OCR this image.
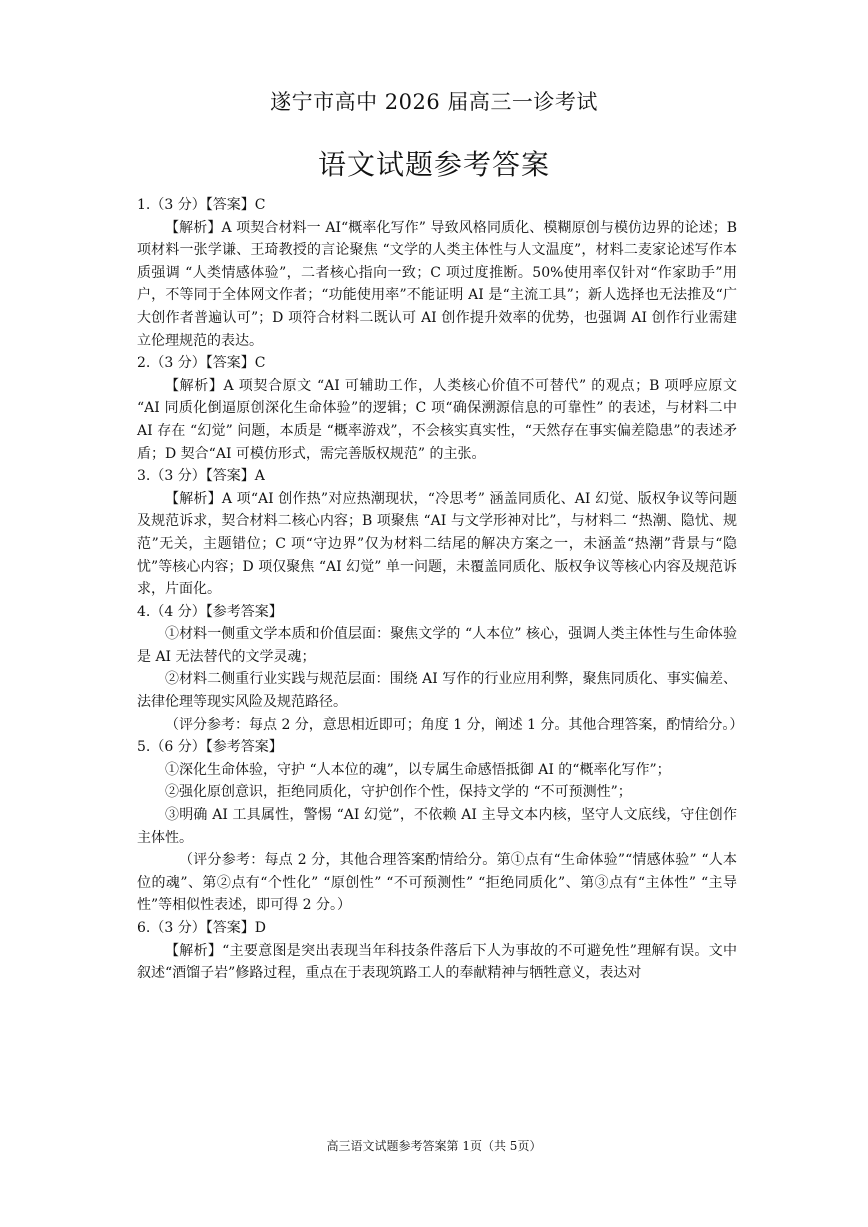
遂宁市高中 2026 届高三一诊考试
语文试题参考答案

1.（3 分）【答案】C

【解析】A 项契合材料一 AI“概率化写作” 导致风格同质化、模糊原创与模仿边界的论述；B 项材料一张学谦、王琦教授的言论聚焦 “文学的人类主体性与人文温度”，材料二麦家论述写作本质强调 “人类情感体验”，二者核心指向一致；C 项过度推断。50%使用率仅针对“作家助手”用户，不等同于全体网文作者；“功能使用率”不能证明 AI 是“主流工具”；新人选择也无法推及“广大创作者普遍认可”；D 项符合材料二既认可 AI 创作提升效率的优势，也强调 AI 创作行业需建立伦理规范的表达。

2.（3 分）【答案】C

【解析】A 项契合原文 “AI 可辅助工作，人类核心价值不可替代” 的观点；B 项呼应原文 “AI 同质化倒逼原创深化生命体验”的逻辑；C 项“确保溯源信息的可靠性” 的表述，与材料二中 AI 存在 “幻觉” 问题，本质是 “概率游戏”，不会核实真实性，“天然存在事实偏差隐患”的表述矛盾；D 契合“AI 可模仿形式，需完善版权规范” 的主张。

3.（3 分）【答案】A

【解析】A 项“AI 创作热”对应热潮现状，“冷思考” 涵盖同质化、AI 幻觉、版权争议等问题及规范诉求，契合材料二核心内容；B 项聚焦 “AI 与文学形神对比”，与材料二 “热潮、隐忧、规范”无关，主题错位；C 项“守边界”仅为材料二结尾的解决方案之一，未涵盖“热潮”背景与“隐忧”等核心内容；D 项仅聚焦 “AI 幻觉” 单一问题，未覆盖同质化、版权争议等核心内容及规范诉求，片面化。

4.（4 分）【参考答案】

①材料一侧重文学本质和价值层面：聚焦文学的 “人本位” 核心，强调人类主体性与生命体验是 AI 无法替代的文学灵魂；

②材料二侧重行业实践与规范层面：围绕 AI 写作的行业应用利弊，聚焦同质化、事实偏差、法律伦理等现实风险及规范路径。

（评分参考：每点 2 分，意思相近即可；角度 1 分，阐述 1 分。其他合理答案，酌情给分。）

5.（6 分）【参考答案】

①深化生命体验，守护 “人本位的魂”，以专属生命感悟抵御 AI 的“概率化写作”；

②强化原创意识，拒绝同质化，守护创作个性，保持文学的 “不可预测性”；

③明确 AI 工具属性，警惕 “AI 幻觉”，不依赖 AI 主导文本内核，坚守人文底线，守住创作主体性。

（评分参考：每点 2 分，其他合理答案酌情给分。第①点有“生命体验”“情感体验” “人本位的魂”、第②点有“个性化” “原创性” “不可预测性” “拒绝同质化”、第③点有“主体性” “主导性”等相似性表述，即可得 2 分。）

6.（3 分）【答案】D

【解析】“主要意图是突出表现当年科技条件落后下人为事故的不可避免性”理解有误。文中叙述“酒馏子岩”修路过程，重点在于表现筑路工人的奉献精神与牺牲意义，表达对

高三语文试题参考答案第 1页（共 5页）
